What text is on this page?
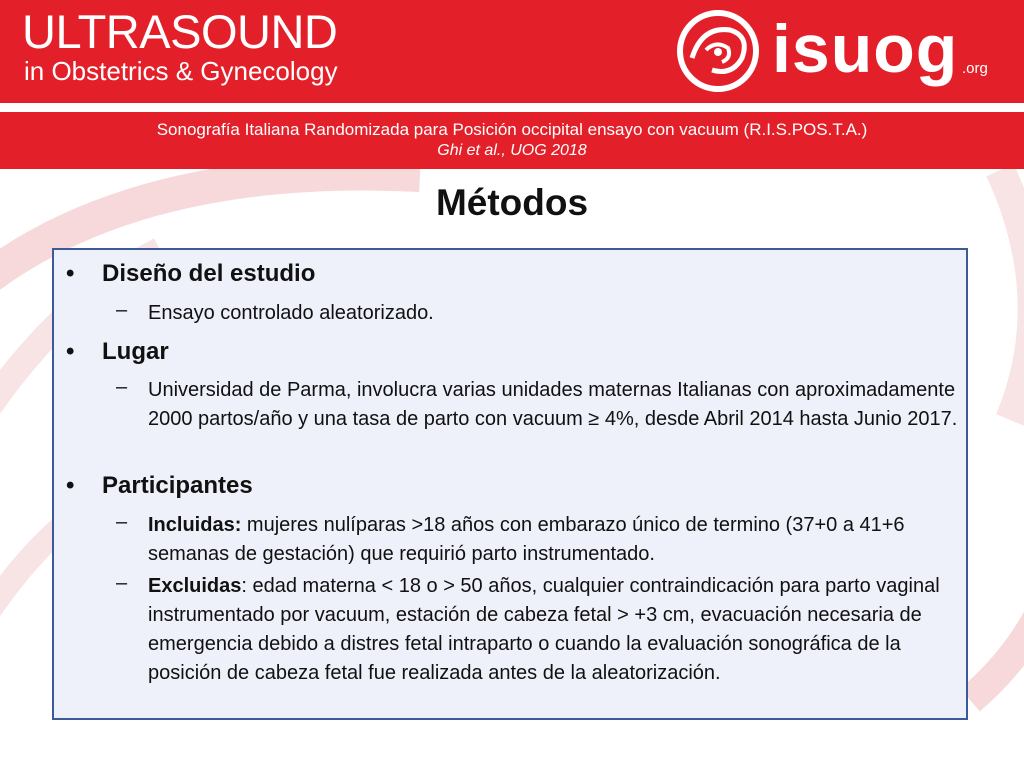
ULTRASOUND
in Obstetrics & Gynecology	isuog .org
Sonografía Italiana Randomizada para Posición occipital ensayo con vacuum (R.I.S.POS.T.A.)
Ghi et al., UOG 2018
Métodos
• Diseño del estudio
– Ensayo controlado aleatorizado.
• Lugar
– Universidad de Parma, involucra varias unidades maternas Italianas con aproximadamente 2000 partos/año y una tasa de parto con vacuum ≥ 4%, desde Abril 2014 hasta Junio 2017.
• Participantes
– Incluidas: mujeres nulíparas >18 años con embarazo único de termino (37+0 a 41+6 semanas de gestación) que requirió parto instrumentado.
– Excluidas: edad materna < 18 o > 50 años, cualquier contraindicación para parto vaginal instrumentado por vacuum, estación de cabeza fetal > +3 cm, evacuación necesaria de emergencia debido a distres fetal intraparto o cuando la evaluación sonográfica de la posición de cabeza fetal fue realizada antes de la aleatorización.
